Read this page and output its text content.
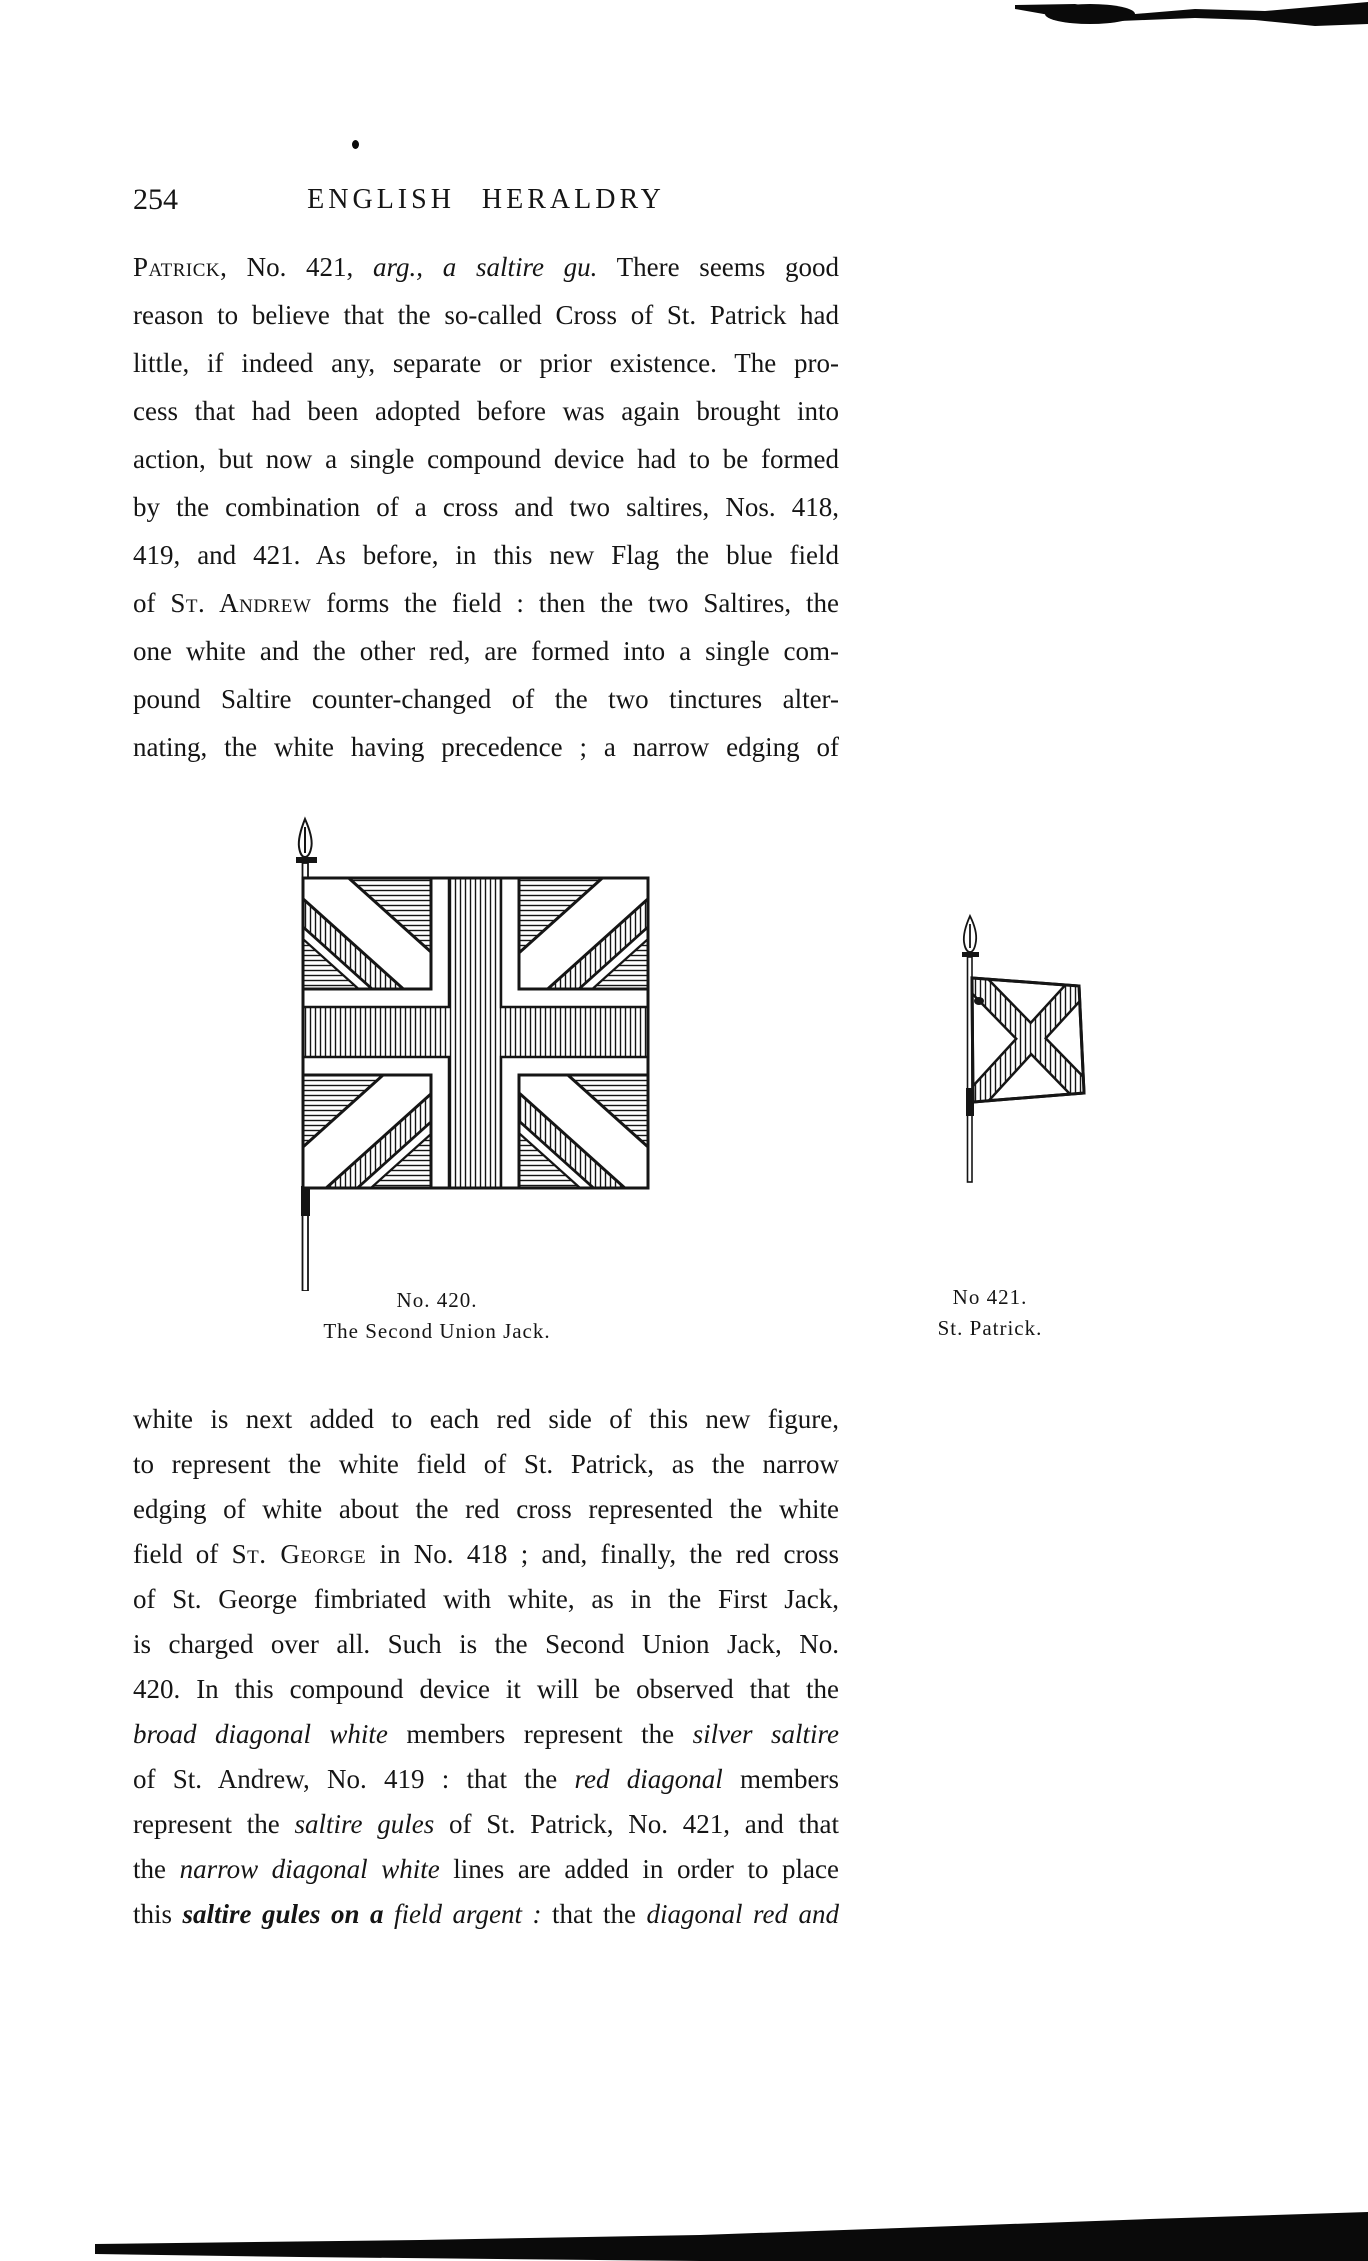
254	ENGLISH HERALDRY
Patrick, No. 421, arg., a saltire gu. There seems good
reason to believe that the so-called Cross of St. Patrick had
little, if indeed any, separate or prior existence. The pro-
cess that had been adopted before was again brought into
action, but now a single compound device had to be formed
by the combination of a cross and two saltires, Nos. 418,
419, and 421. As before, in this new Flag the blue field
of St. Andrew forms the field : then the two Saltires, the
one white and the other red, are formed into a single com-
pound Saltire counter-changed of the two tinctures alter-
nating, the white having precedence ; a narrow edging of
No. 420.
The Second Union Jack.
No 421.
St. Patrick.
white is next added to each red side of this new figure,
to represent the white field of St. Patrick, as the narrow
edging of white about the red cross represented the white
field of St. George in No. 418 ; and, finally, the red cross
of St. George fimbriated with white, as in the First Jack,
is charged over all. Such is the Second Union Jack, No.
420. In this compound device it will be observed that the
broad diagonal white members represent the silver saltire
of St. Andrew, No. 419 : that the red diagonal members
represent the saltire gules of St. Patrick, No. 421, and that
the narrow diagonal white lines are added in order to place
this saltire gules on a field argent : that the diagonal red and
